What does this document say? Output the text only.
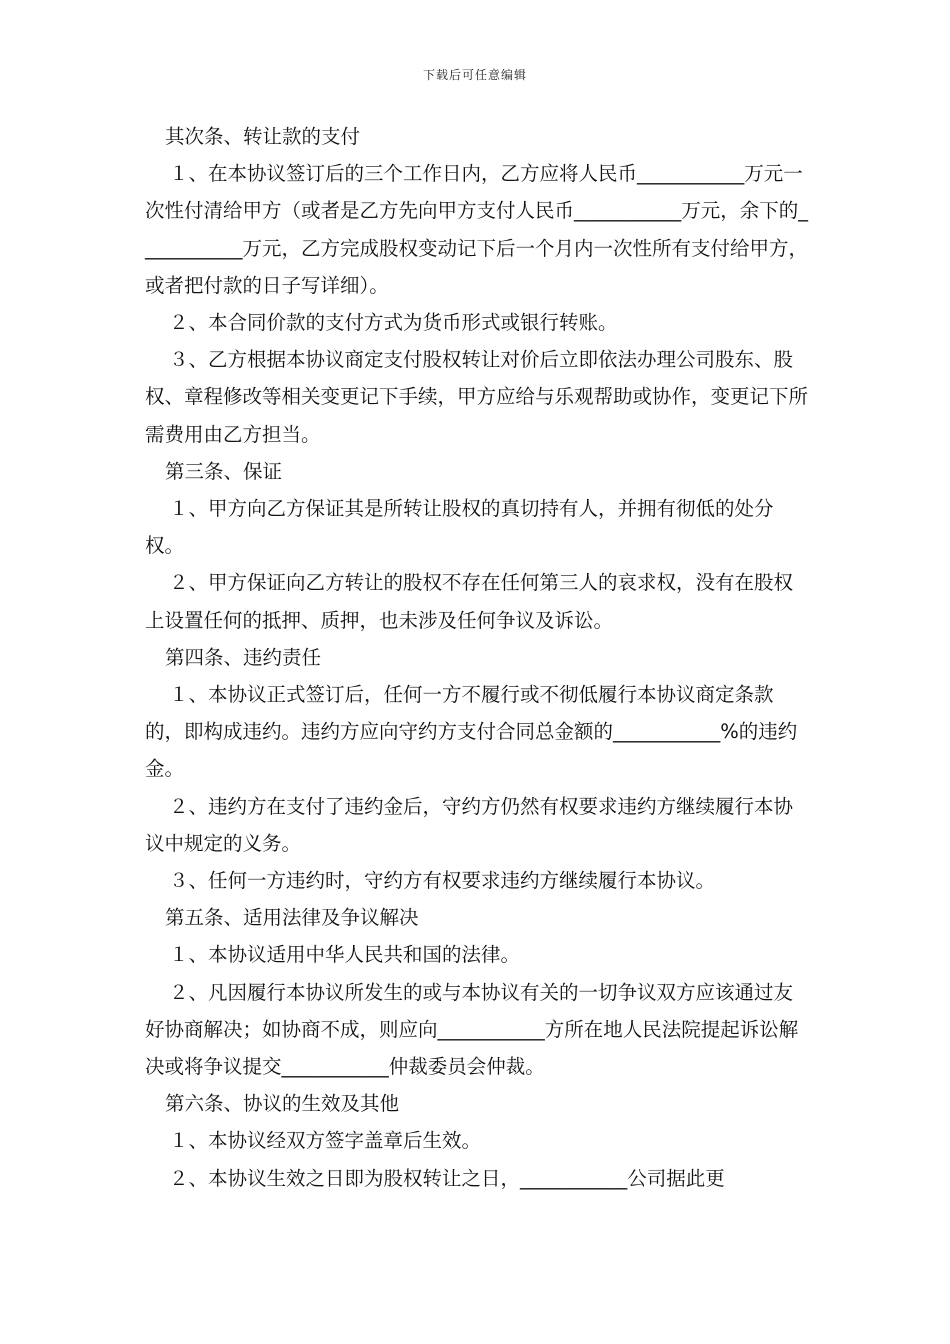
下载后可任意编辑

其次条、转让款的支付

１、在本协议签订后的三个工作日内，乙方应将人民币___________万元一次性付清给甲方（或者是乙方先向甲方支付人民币___________万元，余下的___________万元，乙方完成股权变动记下后一个月内一次性所有支付给甲方，或者把付款的日子写详细）。

２、本合同价款的支付方式为货币形式或银行转账。

３、乙方根据本协议商定支付股权转让对价后立即依法办理公司股东、股权、章程修改等相关变更记下手续，甲方应给与乐观帮助或协作，变更记下所需费用由乙方担当。

第三条、保证

１、甲方向乙方保证其是所转让股权的真切持有人，并拥有彻低的处分权。

２、甲方保证向乙方转让的股权不存在任何第三人的哀求权，没有在股权上设置任何的抵押、质押，也未涉及任何争议及诉讼。

第四条、违约责任

１、本协议正式签订后，任何一方不履行或不彻低履行本协议商定条款的，即构成违约。违约方应向守约方支付合同总金额的___________%的违约金。

２、违约方在支付了违约金后，守约方仍然有权要求违约方继续履行本协议中规定的义务。

３、任何一方违约时，守约方有权要求违约方继续履行本协议。

第五条、适用法律及争议解决

１、本协议适用中华人民共和国的法律。

２、凡因履行本协议所发生的或与本协议有关的一切争议双方应该通过友好协商解决；如协商不成，则应向___________方所在地人民法院提起诉讼解决或将争议提交___________仲裁委员会仲裁。

第六条、协议的生效及其他

１、本协议经双方签字盖章后生效。

２、本协议生效之日即为股权转让之日，___________公司据此更
